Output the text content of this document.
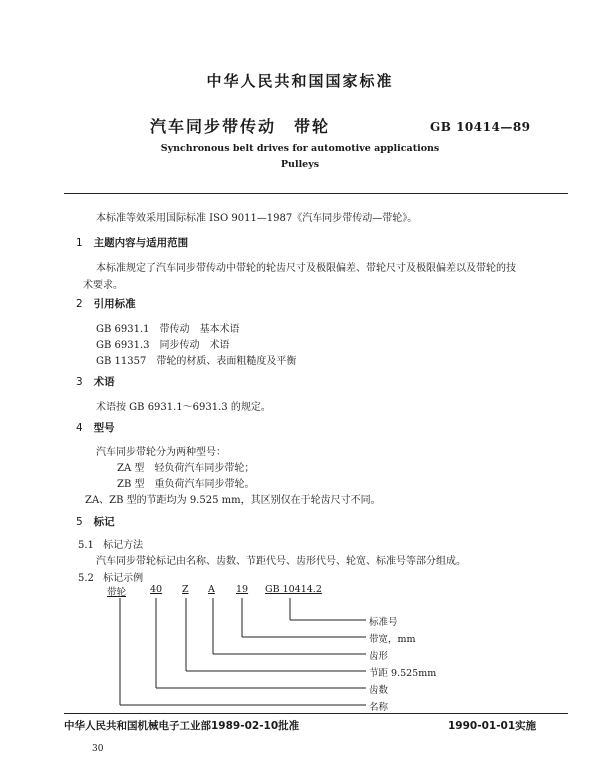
中华人民共和国国家标准
汽车同步带传动　带轮	GB 10414—89
Synchronous belt drives for automotive applications
Pulleys
本标准等效采用国际标准 ISO 9011—1987《汽车同步带传动—带轮》。
1 主题内容与适用范围
本标准规定了汽车同步带传动中带轮的轮齿尺寸及极限偏差、带轮尺寸及极限偏差以及带轮的技
术要求。
2 引用标准
GB 6931.1　带传动　基本术语
GB 6931.3　同步传动　术语
GB 11357　带轮的材质、表面粗糙度及平衡
3 术语
术语按 GB 6931.1～6931.3 的规定。
4 型号
汽车同步带轮分为两种型号：
ZA 型　轻负荷汽车同步带轮；
ZB 型　重负荷汽车同步带轮。
ZA、ZB 型的节距均为 9.525 mm，其区别仅在于轮齿尺寸不同。
5 标记
5.1 标记方法
汽车同步带轮标记由名称、齿数、节距代号、齿形代号、轮宽、标准号等部分组成。
5.2 标记示例
带轮	40 Z A 19 GB 10414.2
标准号
带宽，mm
齿形
节距 9.525mm
齿数
名称
中华人民共和国机械电子工业部1989-02-10批准	1990-01-01实施
30
